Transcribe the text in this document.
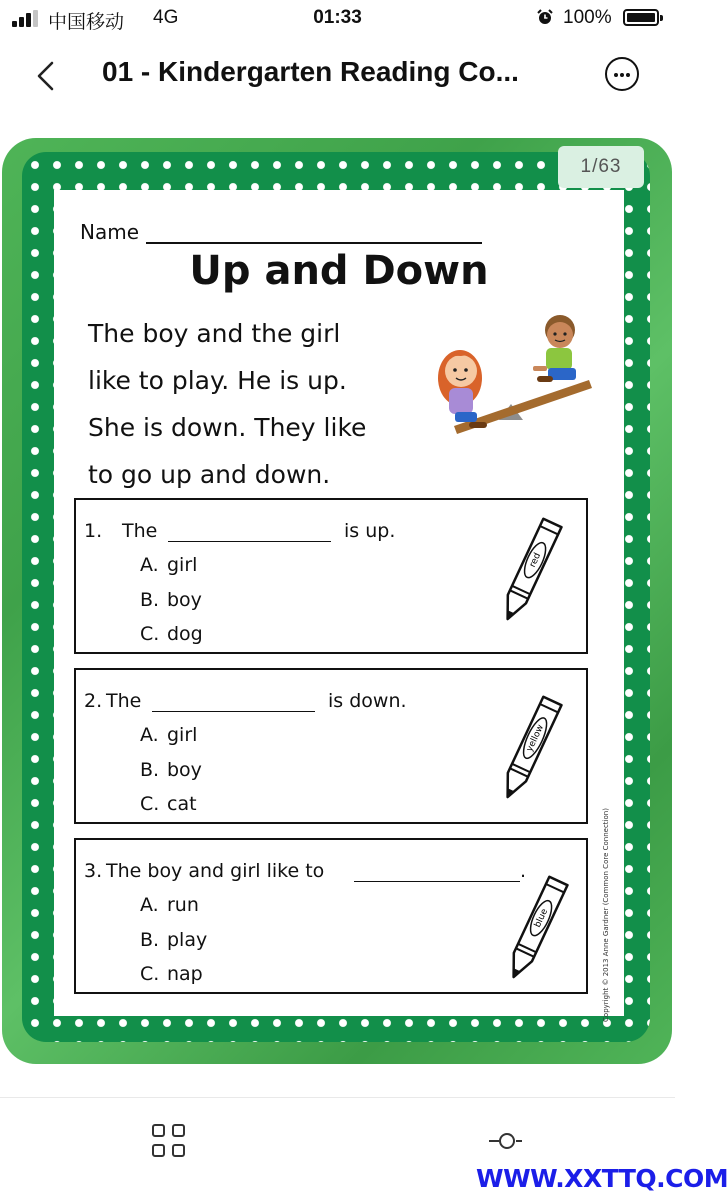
中国移动 4G	01:33	100%
01 - Kindergarten Reading Co...
Name
Up and Down
The boy and the girl
like to play. He is up.
She is down. They like
to go up and down.
1. The	is up.
A. girl
B. boy
C. dog
red
2. The	is down.
A. girl
B. boy
C. cat
yellow
3. The boy and girl like to	.
A. run
B. play
C. nap
blue	Copyright © 2013 Anne Gardner (Common Core Connection)
1/63
WWW.XXTTQ.COM
